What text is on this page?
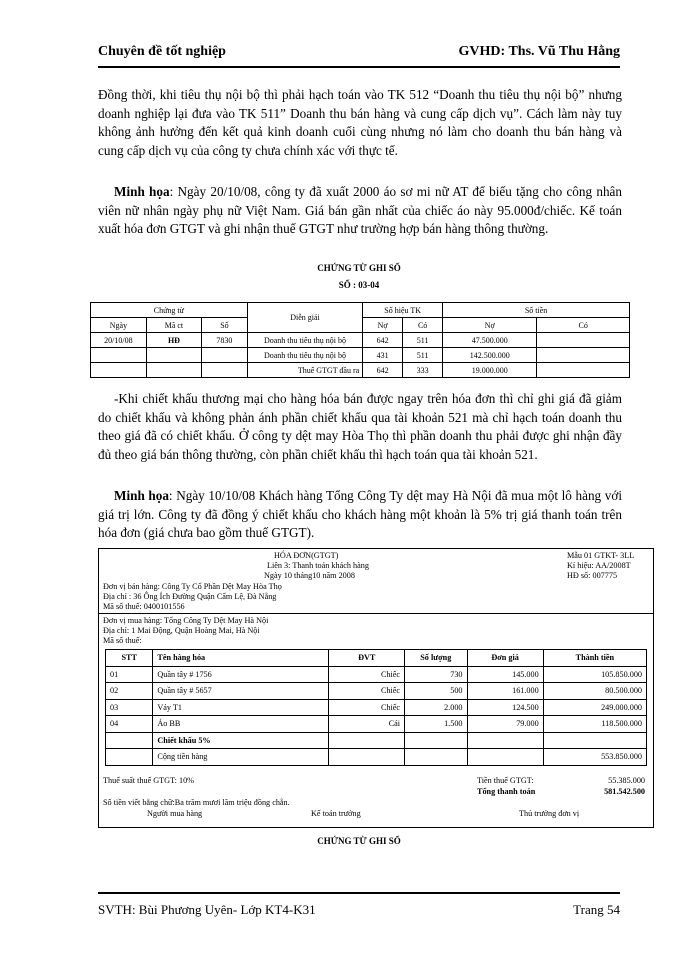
Chuyên đề tốt nghiệp	GVHD: Ths. Vũ Thu Hằng
Đồng thời, khi tiêu thụ nội bộ thì phải hạch toán vào TK 512 “Doanh thu tiêu thụ nội bộ” nhưng doanh nghiệp lại đưa vào TK 511” Doanh thu bán hàng và cung cấp dịch vụ”. Cách làm này tuy không ảnh hưởng đến kết quả kinh doanh cuối cùng nhưng nó làm cho doanh thu bán hàng và cung cấp dịch vụ của công ty chưa chính xác với thực tế.
Minh họa: Ngày 20/10/08, công ty đã xuất 2000 áo sơ mi nữ AT để biếu tặng cho công nhân viên nữ nhân ngày phụ nữ Việt Nam. Giá bán gần nhất của chiếc áo này 95.000đ/chiếc. Kế toán xuất hóa đơn GTGT và ghi nhận thuế GTGT như trường hợp bán hàng thông thường.
CHỨNG TỪ GHI SỔ
SỐ : 03-04
Chứng từ			Diễn giải	Số hiệu TK		Số tiền	
Ngày	Mã ct	Số		Nợ	Có	Nợ	Có
20/10/08	HĐ	7830	Doanh thu tiêu thụ nội bộ	642	511	47.500.000	
			Doanh thu tiêu thụ nội bộ	431	511	142.500.000	
			Thuế GTGT đầu ra	642	333	19.000.000	
-Khi chiết khấu thương mại cho hàng hóa bán được ngay trên hóa đơn thì chỉ ghi giá đã giảm do chiết khấu và không phản ánh phần chiết khấu qua tài khoản 521 mà chỉ hạch toán doanh thu theo giá đã có chiết khấu. Ở công ty dệt may Hòa Thọ thì phần doanh thu phải được ghi nhận đầy đủ theo giá bán thông thường, còn phần chiết khấu thì hạch toán qua tài khoản 521.
Minh họa: Ngày 10/10/08 Khách hàng Tổng Công Ty dệt may Hà Nội đã mua một lô hàng với giá trị lớn. Công ty đã đồng ý chiết khấu cho khách hàng một khoản là 5% trị giá thanh toán trên hóa đơn (giá chưa bao gồm thuế GTGT).
HÓA ĐƠN(GTGT)
Liên 3: Thanh toán khách hàng
Ngày 10 tháng10 năm 2008
Mẫu 01 GTKT- 3LL
Kí hiệu: AA/2008T
HĐ số: 007775
Đơn vị bán hàng: Công Ty Cổ Phần Dệt May Hòa Thọ
Địa chỉ : 36 Ông Ích Đường Quận Cẩm Lệ, Đà Nẵng
Mã số thuế: 0400101556
Đơn vị mua hàng: Tổng Công Ty Dệt May Hà Nội
Địa chỉ: 1 Mai Động, Quận Hoàng Mai, Hà Nội
Mã số thuế:
STT	Tên hàng hóa	ĐVT	Số lượng	Đơn giá	Thành tiền
01	Quần tây # 1756	Chiếc	730	145.000	105.850.000
02	Quần tây # 5657	Chiếc	500	161.000	80.500.000
03	Váy T1	Chiếc	2.000	124.500	249.000.000
04	Áo BB	Cái	1.500	79.000	118.500.000
	Chiết khấu 5%				
	Cộng tiền hàng				553.850.000
Thuế suất thuế GTGT: 10%	Tiền thuế GTGT:	55.385.000
Tổng thanh toán	581.542.500
Số tiền viết bằng chữ:Ba trăm mươi lăm triệu đồng chẵn.
Người mua hàng	Kế toán trưởng	Thủ trưởng đơn vị
CHỨNG TỪ GHI SỔ
SVTH: Bùi Phương Uyên- Lớp KT4-K31	Trang 54
